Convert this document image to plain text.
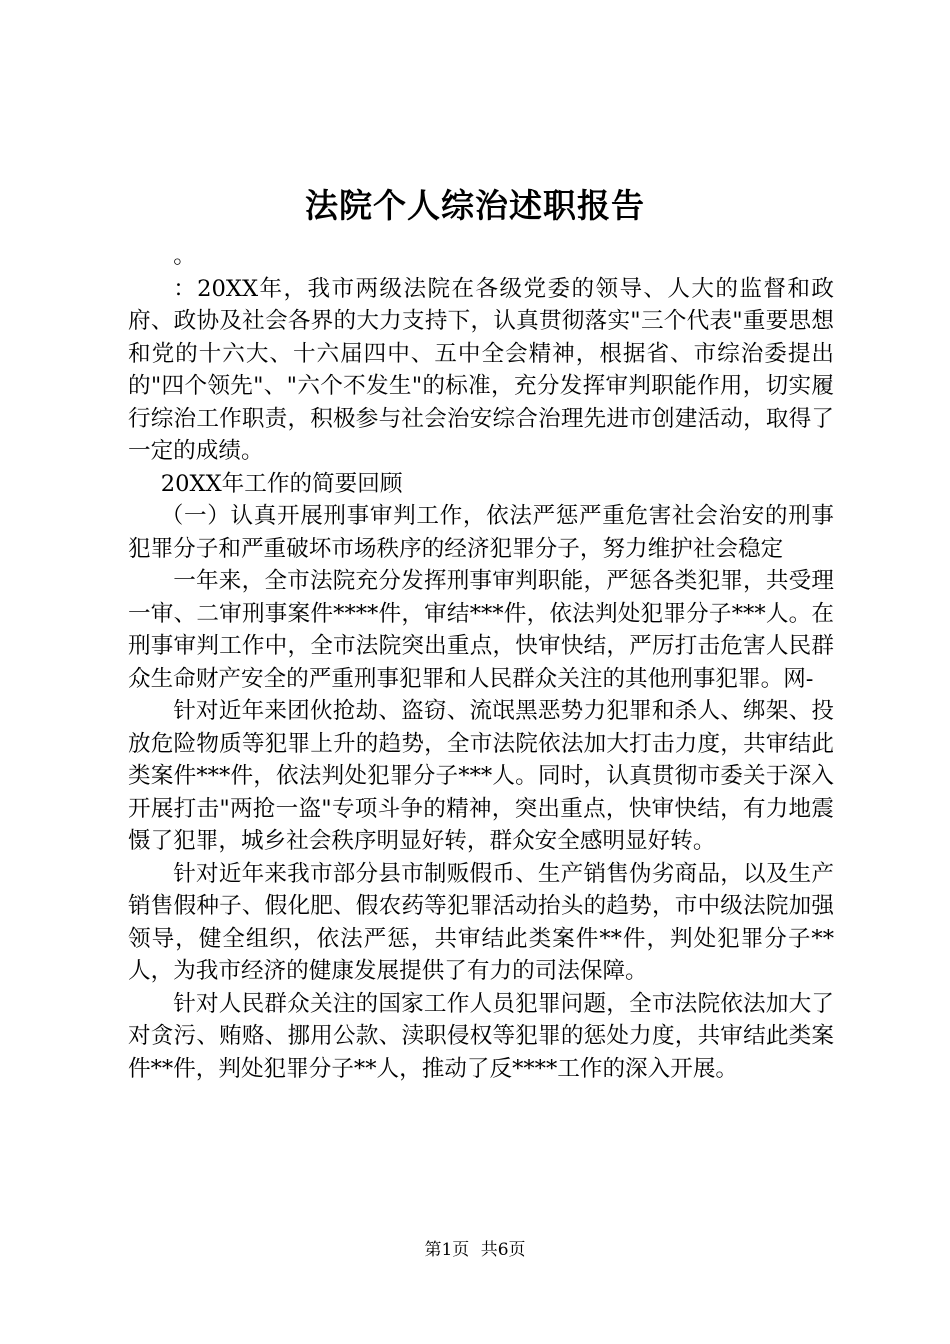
法院个人综治述职报告

。

：20XX年，我市两级法院在各级党委的领导、人大的监督和政府、政协及社会各界的大力支持下，认真贯彻落实"三个代表"重要思想和党的十六大、十六届四中、五中全会精神，根据省、市综治委提出的"四个领先"、"六个不发生"的标准，充分发挥审判职能作用，切实履行综治工作职责，积极参与社会治安综合治理先进市创建活动，取得了一定的成绩。

20XX年工作的简要回顾

（一）认真开展刑事审判工作，依法严惩严重危害社会治安的刑事犯罪分子和严重破坏市场秩序的经济犯罪分子，努力维护社会稳定

一年来，全市法院充分发挥刑事审判职能，严惩各类犯罪，共受理一审、二审刑事案件****件，审结***件，依法判处犯罪分子***人。在刑事审判工作中，全市法院突出重点，快审快结，严厉打击危害人民群众生命财产安全的严重刑事犯罪和人民群众关注的其他刑事犯罪。网-

针对近年来团伙抢劫、盗窃、流氓黑恶势力犯罪和杀人、绑架、投放危险物质等犯罪上升的趋势，全市法院依法加大打击力度，共审结此类案件***件，依法判处犯罪分子***人。同时，认真贯彻市委关于深入开展打击"两抢一盗"专项斗争的精神，突出重点，快审快结，有力地震慑了犯罪，城乡社会秩序明显好转，群众安全感明显好转。

针对近年来我市部分县市制贩假币、生产销售伪劣商品，以及生产销售假种子、假化肥、假农药等犯罪活动抬头的趋势，市中级法院加强领导，健全组织，依法严惩，共审结此类案件**件，判处犯罪分子**人，为我市经济的健康发展提供了有力的司法保障。

针对人民群众关注的国家工作人员犯罪问题，全市法院依法加大了对贪污、贿赂、挪用公款、渎职侵权等犯罪的惩处力度，共审结此类案件**件，判处犯罪分子**人，推动了反****工作的深入开展。

第1页 共6页
